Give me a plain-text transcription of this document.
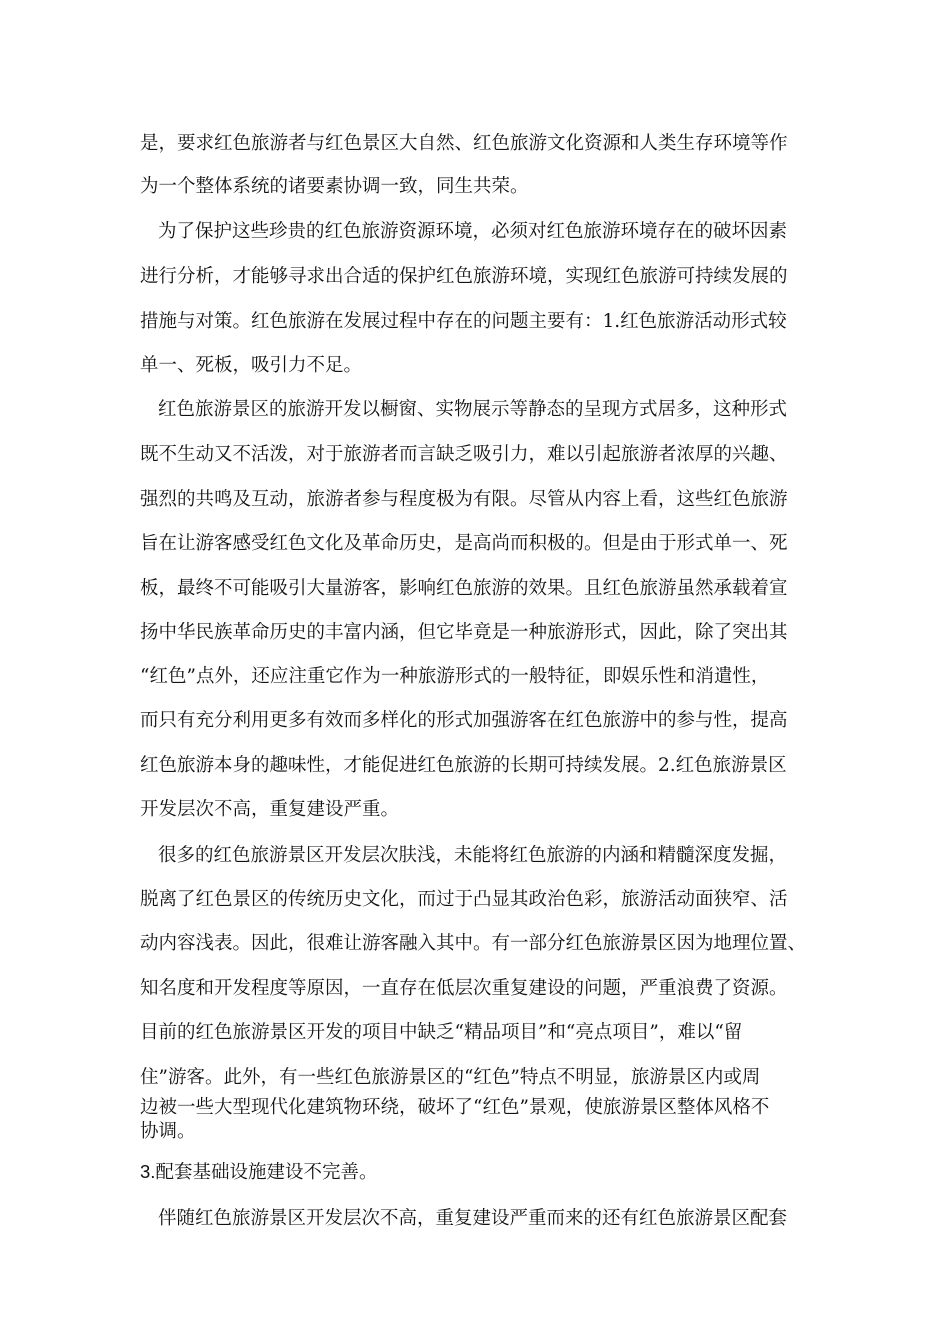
是，要求红色旅游者与红色景区大自然、红色旅游文化资源和人类生存环境等作
为一个整体系统的诸要素协调一致，同生共荣。
为了保护这些珍贵的红色旅游资源环境，必须对红色旅游环境存在的破坏因素
进行分析，才能够寻求出合适的保护红色旅游环境，实现红色旅游可持续发展的
措施与对策。红色旅游在发展过程中存在的问题主要有：1.红色旅游活动形式较
单一、死板，吸引力不足。
红色旅游景区的旅游开发以橱窗、实物展示等静态的呈现方式居多，这种形式
既不生动又不活泼，对于旅游者而言缺乏吸引力，难以引起旅游者浓厚的兴趣、
强烈的共鸣及互动，旅游者参与程度极为有限。尽管从内容上看，这些红色旅游
旨在让游客感受红色文化及革命历史，是高尚而积极的。但是由于形式单一、死
板，最终不可能吸引大量游客，影响红色旅游的效果。且红色旅游虽然承载着宣
扬中华民族革命历史的丰富内涵，但它毕竟是一种旅游形式，因此，除了突出其
“红色”点外，还应注重它作为一种旅游形式的一般特征，即娱乐性和消遣性，
而只有充分利用更多有效而多样化的形式加强游客在红色旅游中的参与性，提高
红色旅游本身的趣味性，才能促进红色旅游的长期可持续发展。2.红色旅游景区
开发层次不高，重复建设严重。
很多的红色旅游景区开发层次肤浅，未能将红色旅游的内涵和精髓深度发掘，
脱离了红色景区的传统历史文化，而过于凸显其政治色彩，旅游活动面狭窄、活
动内容浅表。因此，很难让游客融入其中。有一部分红色旅游景区因为地理位置、
知名度和开发程度等原因，一直存在低层次重复建设的问题，严重浪费了资源。
目前的红色旅游景区开发的项目中缺乏“精品项目”和“亮点项目”，难以“留
住”游客。此外，有一些红色旅游景区的“红色”特点不明显，旅游景区内或周
边被一些大型现代化建筑物环绕，破坏了“红色”景观，使旅游景区整体风格不
协调。
3.配套基础设施建设不完善。
伴随红色旅游景区开发层次不高，重复建设严重而来的还有红色旅游景区配套
